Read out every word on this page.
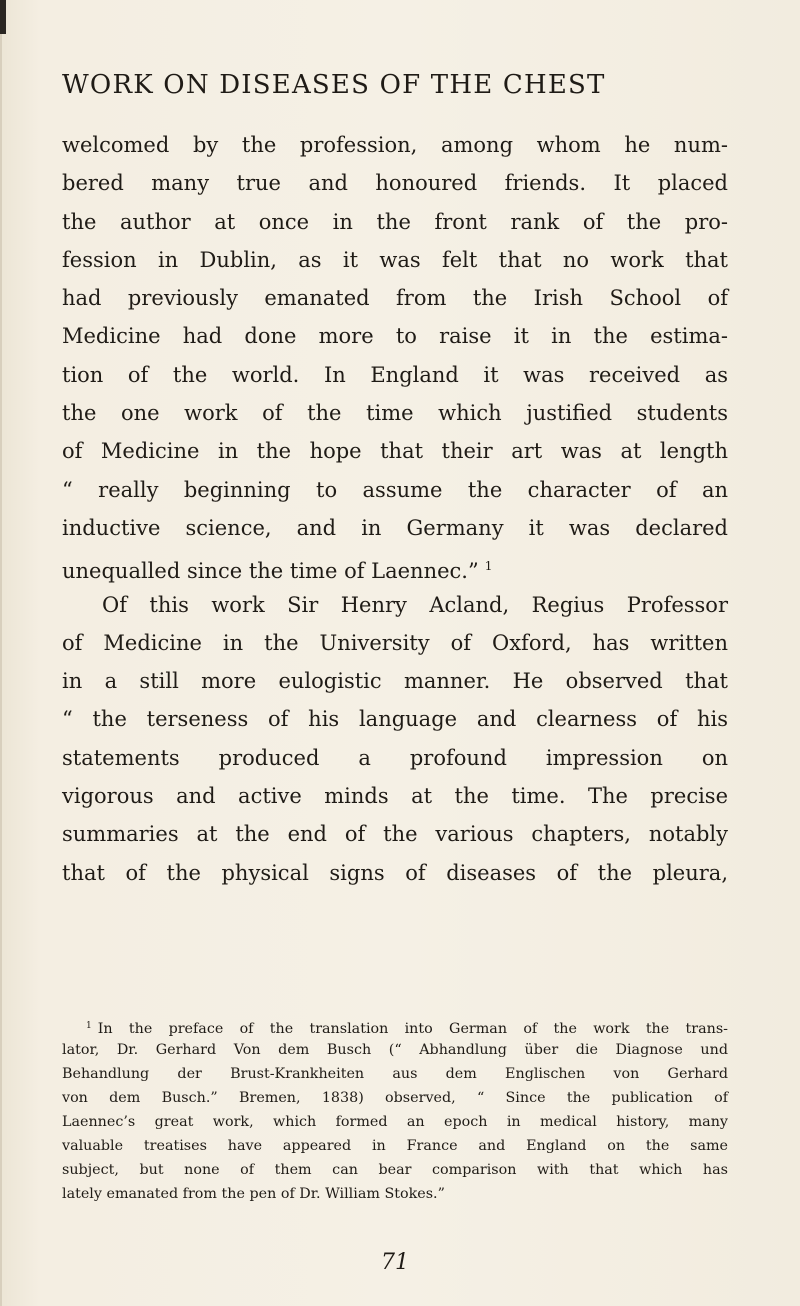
WORK ON DISEASES OF THE CHEST
welcomed by the profession, among whom he num-
bered many true and honoured friends. It placed
the author at once in the front rank of the pro-
fession in Dublin, as it was felt that no work that
had previously emanated from the Irish School of
Medicine had done more to raise it in the estima-
tion of the world. In England it was received as
the one work of the time which justified students
of Medicine in the hope that their art was at length
“ really beginning to assume the character of an
inductive science, and in Germany it was declared
unequalled since the time of Laennec.” $^1$
Of this work Sir Henry Acland, Regius Professor
of Medicine in the University of Oxford, has written
in a still more eulogistic manner. He observed that
“ the terseness of his language and clearness of his
statements produced a profound impression on
vigorous and active minds at the time. The precise
summaries at the end of the various chapters, notably
that of the physical signs of diseases of the pleura,
$^1$ In the preface of the translation into German of the work the trans-
lator, Dr. Gerhard Von dem Busch (“ Abhandlung über die Diagnose und
Behandlung der Brust-Krankheiten aus dem Englischen von Gerhard
von dem Busch.” Bremen, 1838) observed, “ Since the publication of
Laennec’s great work, which formed an epoch in medical history, many
valuable treatises have appeared in France and England on the same
subject, but none of them can bear comparison with that which has
lately emanated from the pen of Dr. William Stokes.”
71
